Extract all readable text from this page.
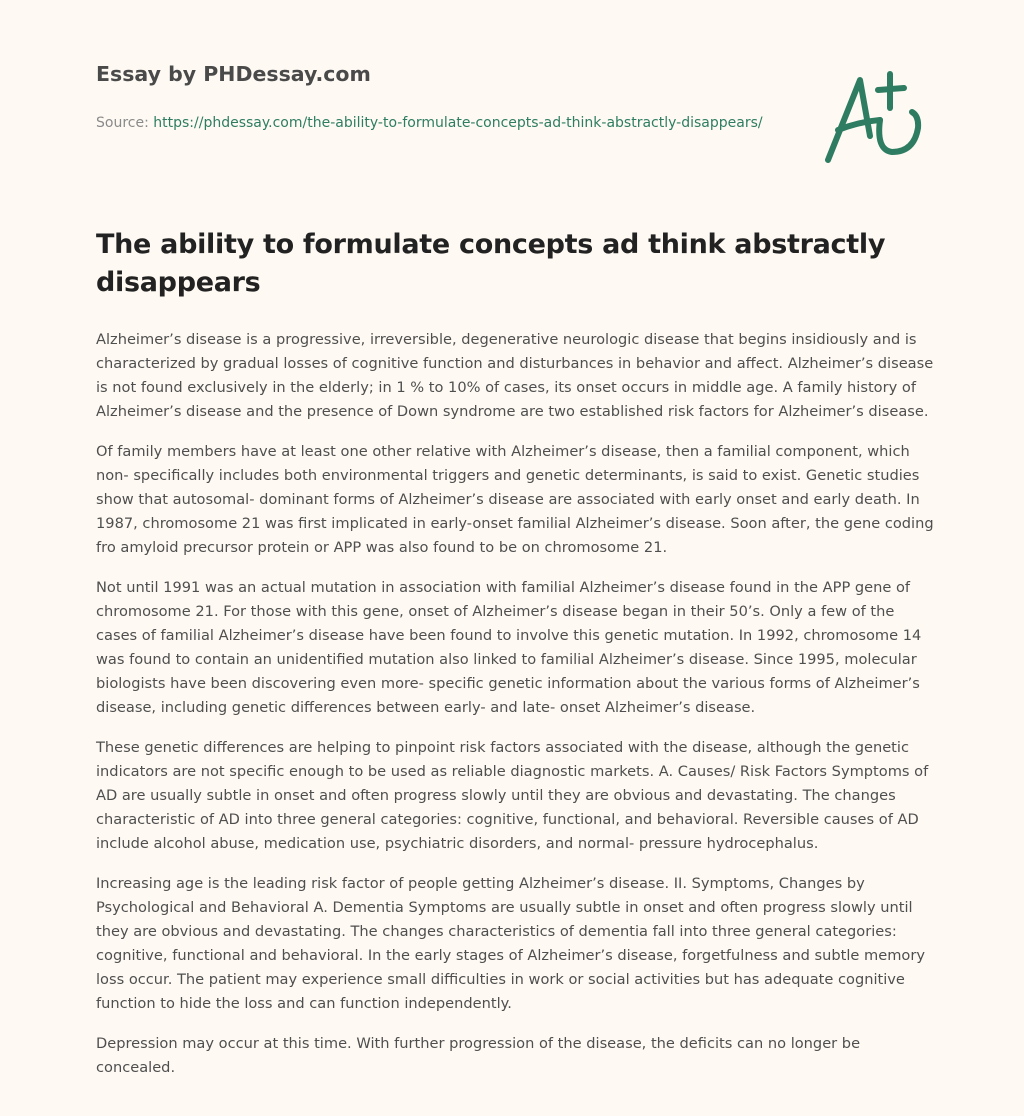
Essay by PHDessay.com
Source: https://phdessay.com/the-ability-to-formulate-concepts-ad-think-abstractly-disappears/
The ability to formulate concepts ad think abstractly disappears

Alzheimer’s disease is a progressive, irreversible, degenerative neurologic disease that begins insidiously and is characterized by gradual losses of cognitive function and disturbances in behavior and affect. Alzheimer’s disease is not found exclusively in the elderly; in 1 % to 10% of cases, its onset occurs in middle age. A family history of Alzheimer’s disease and the presence of Down syndrome are two established risk factors for Alzheimer’s disease.

Of family members have at least one other relative with Alzheimer’s disease, then a familial component, which non- specifically includes both environmental triggers and genetic determinants, is said to exist. Genetic studies show that autosomal- dominant forms of Alzheimer’s disease are associated with early onset and early death. In 1987, chromosome 21 was first implicated in early-onset familial Alzheimer’s disease. Soon after, the gene coding fro amyloid precursor protein or APP was also found to be on chromosome 21.

Not until 1991 was an actual mutation in association with familial Alzheimer’s disease found in the APP gene of chromosome 21. For those with this gene, onset of Alzheimer’s disease began in their 50’s. Only a few of the cases of familial Alzheimer’s disease have been found to involve this genetic mutation. In 1992, chromosome 14 was found to contain an unidentified mutation also linked to familial Alzheimer’s disease. Since 1995, molecular biologists have been discovering even more- specific genetic information about the various forms of Alzheimer’s disease, including genetic differences between early- and late- onset Alzheimer’s disease.

These genetic differences are helping to pinpoint risk factors associated with the disease, although the genetic indicators are not specific enough to be used as reliable diagnostic markets. A. Causes/ Risk Factors Symptoms of AD are usually subtle in onset and often progress slowly until they are obvious and devastating. The changes characteristic of AD into three general categories: cognitive, functional, and behavioral. Reversible causes of AD include alcohol abuse, medication use, psychiatric disorders, and normal- pressure hydrocephalus.

Increasing age is the leading risk factor of people getting Alzheimer’s disease. II. Symptoms, Changes by Psychological and Behavioral A. Dementia Symptoms are usually subtle in onset and often progress slowly until they are obvious and devastating. The changes characteristics of dementia fall into three general categories: cognitive, functional and behavioral. In the early stages of Alzheimer’s disease, forgetfulness and subtle memory loss occur. The patient may experience small difficulties in work or social activities but has adequate cognitive function to hide the loss and can function independently.

Depression may occur at this time. With further progression of the disease, the deficits can no longer be concealed.
